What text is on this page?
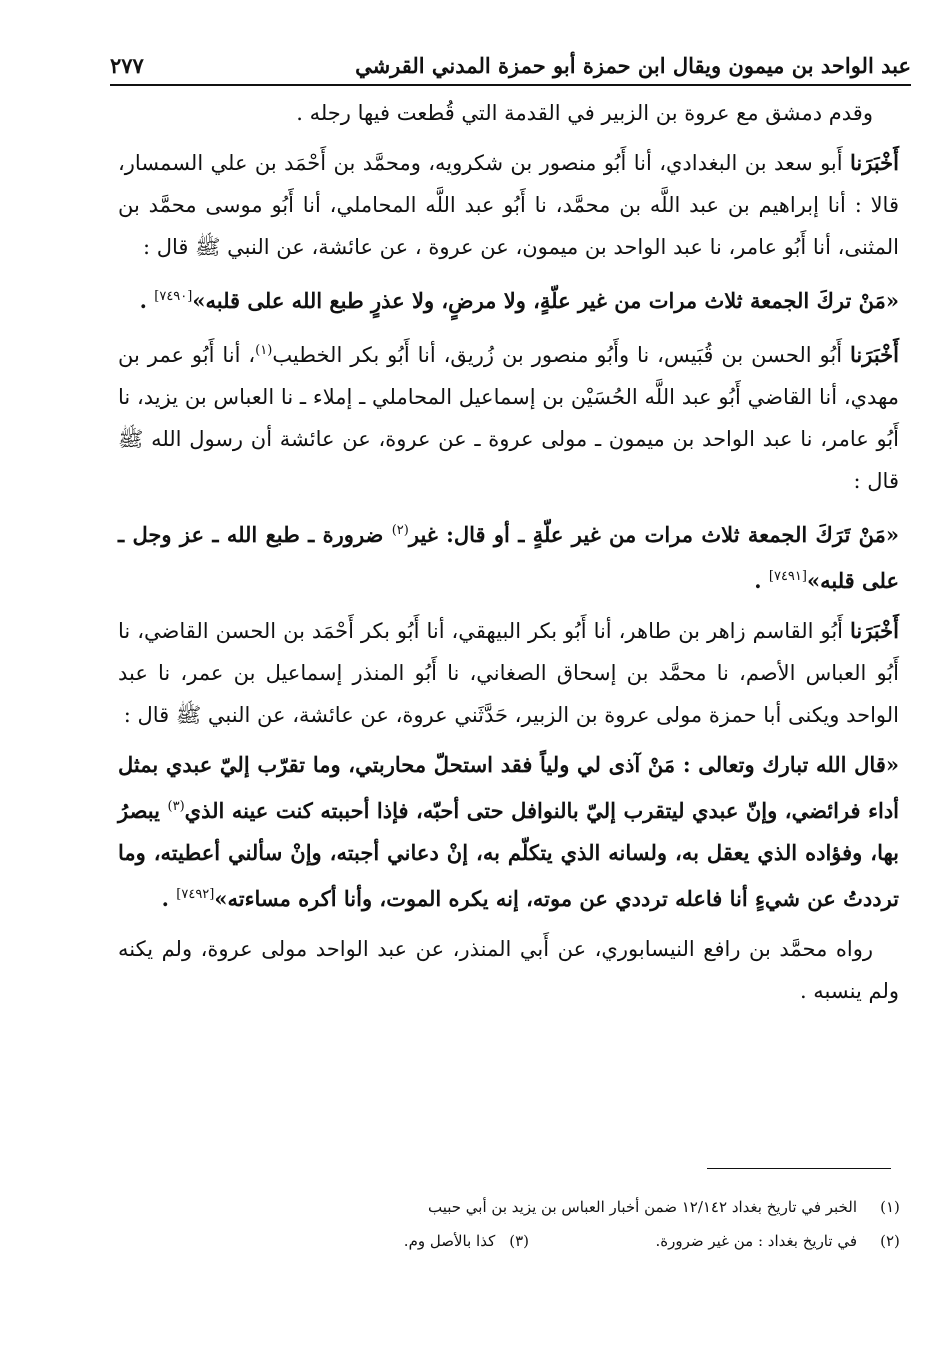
عبد الواحد بن ميمون ويقال ابن حمزة أبو حمزة المدني القرشي
٢٧٧

وقدم دمشق مع عروة بن الزبير في القدمة التي قُطعت فيها رجله .

أَخْبَرَنا أَبو سعد بن البغدادي، أنا أَبُو منصور بن شكرويه، ومحمَّد بن أَحْمَد بن علي السمسار، قالا : أنا إبراهيم بن عبد اللَّه بن محمَّد، نا أَبُو عبد اللَّه المحاملي، أنا أَبُو موسى محمَّد بن المثنى، أنا أَبُو عامر، نا عبد الواحد بن ميمون، عن عروة ، عن عائشة، عن النبي ﷺ قال :

«مَنْ تركَ الجمعة ثلاث مرات من غير علّةٍ، ولا مرضٍ، ولا عذرٍ طبع الله على قلبه»[٧٤٩٠] .

أَخْبَرَنا أَبُو الحسن بن قُبَيس، نا وأَبُو منصور بن زُريق، أنا أَبُو بكر الخطيب$^{(١)}$، أنا أَبُو عمر بن مهدي، أنا القاضي أَبُو عبد اللَّه الحُسَيْن بن إسماعيل المحاملي ـ إملاء ـ نا العباس بن يزيد، نا أَبُو عامر، نا عبد الواحد بن ميمون ـ مولى عروة ـ عن عروة، عن عائشة أن رسول الله ﷺ قال :

«مَنْ تَرَكَ الجمعة ثلاث مرات من غير علّةٍ ـ أو قال: غير$^{(٢)}$ ضرورة ـ طبع الله ـ عز وجل ـ على قلبه»[٧٤٩١] .

أَخْبَرَنا أَبُو القاسم زاهر بن طاهر، أنا أَبُو بكر البيهقي، أنا أَبُو بكر أَحْمَد بن الحسن القاضي، نا أَبُو العباس الأصم، نا محمَّد بن إسحاق الصغاني، نا أَبُو المنذر إسماعيل بن عمر، نا عبد الواحد ويكنى أبا حمزة مولى عروة بن الزبير، حَدَّثَني عروة، عن عائشة، عن النبي ﷺ قال :

«قال الله تبارك وتعالى : مَنْ آذى لي ولياً فقد استحلّ محاربتي، وما تقرّب إليّ عبدي بمثل أداء فرائضي، وإنّ عبدي ليتقرب إليّ بالنوافل حتى أحبّه، فإذا أحببته كنت عينه الذي$^{(٣)}$ يبصرُ بها، وفؤاده الذي يعقل به، ولسانه الذي يتكلّم به، إنْ دعاني أجبته، وإنْ سألني أعطيته، وما ترددتُ عن شيءٍ أنا فاعله ترددي عن موته، إنه يكره الموت، وأنا أكره مساءته»[٧٤٩٢] .

رواه محمَّد بن رافع النيسابوري، عن أَبي المنذر، عن عبد الواحد مولى عروة، ولم يكنه ولم ينسبه .

(١)
الخبر في تاريخ بغداد ١٢/١٤٢ ضمن أخبار العباس بن يزيد بن أبي حبيب
(٢)
في تاريخ بغداد : من غير ضرورة.
(٣)
كذا بالأصل وم.
